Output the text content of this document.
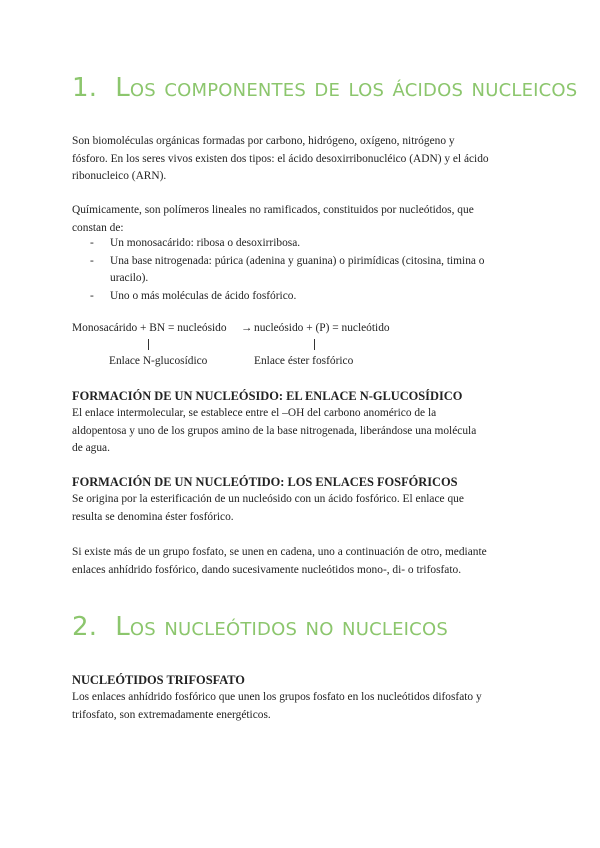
1. Los componentes de los ácidos nucleicos

Son biomoléculas orgánicas formadas por carbono, hidrógeno, oxígeno, nitrógeno y
fósforo. En los seres vivos existen dos tipos: el ácido desoxirribonucléico (ADN) y el ácido
ribonucleico (ARN).

Químicamente, son polímeros lineales no ramificados, constituidos por nucleótidos, que
constan de:

- Un monosacárido: ribosa o desoxirribosa.
- Una base nitrogenada: púrica (adenina y guanina) o pirimídicas (citosina, timina o
uracilo).
- Uno o más moléculas de ácido fosfórico.
Monosacárido + BN = nucleósido → nucleósido + (P) = nucleótido
Enlace N-glucosídico	Enlace éster fosfórico
FORMACIÓN DE UN NUCLEÓSIDO: EL ENLACE N-GLUCOSÍDICO

El enlace intermolecular, se establece entre el –OH del carbono anomérico de la
aldopentosa y uno de los grupos amino de la base nitrogenada, liberándose una molécula
de agua.

FORMACIÓN DE UN NUCLEÓTIDO: LOS ENLACES FOSFÓRICOS

Se origina por la esterificación de un nucleósido con un ácido fosfórico. El enlace que
resulta se denomina éster fosfórico.

Si existe más de un grupo fosfato, se unen en cadena, uno a continuación de otro, mediante
enlaces anhídrido fosfórico, dando sucesivamente nucleótidos mono-, di- o trifosfato.

2. Los nucleótidos no nucleicos
NUCLEÓTIDOS TRIFOSFATO

Los enlaces anhídrido fosfórico que unen los grupos fosfato en los nucleótidos difosfato y
trifosfato, son extremadamente energéticos.
